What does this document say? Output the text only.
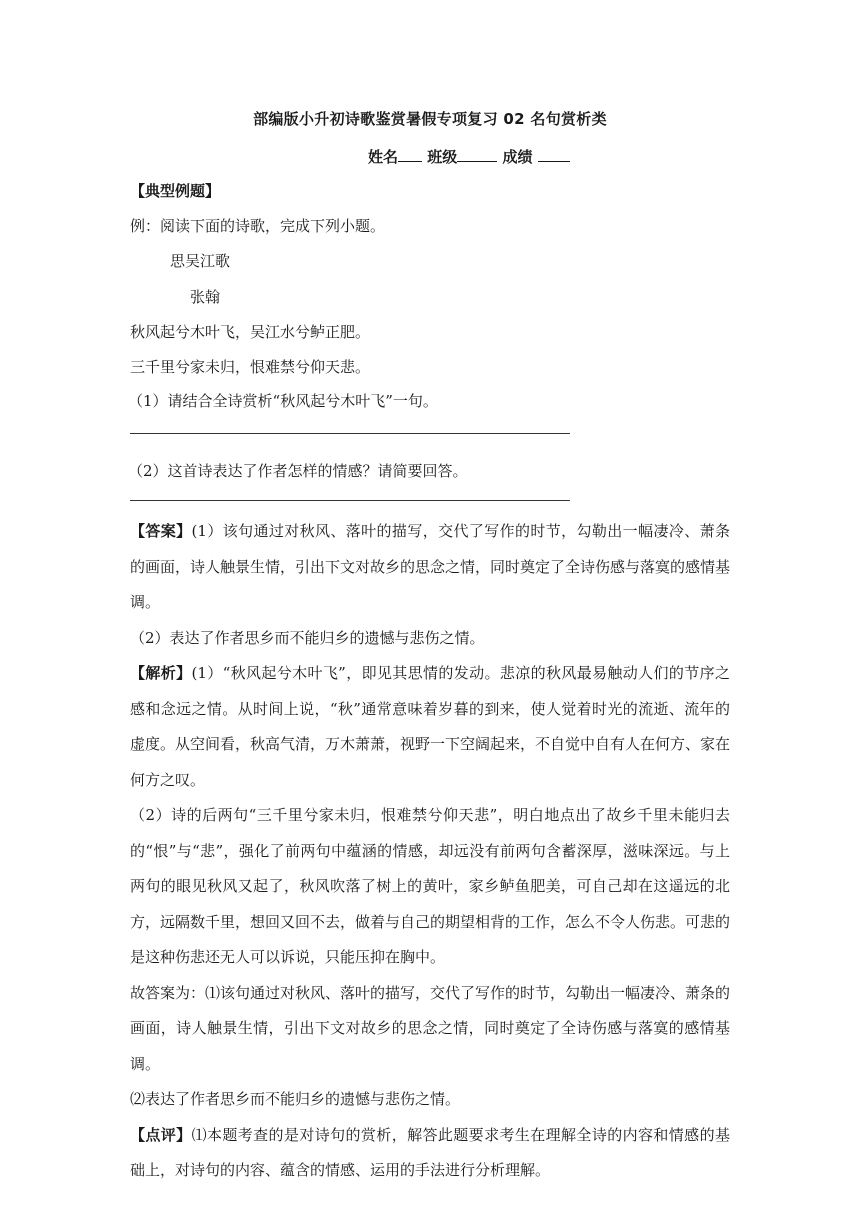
部编版小升初诗歌鉴赏暑假专项复习 02 名句赏析类
姓名 班级	成绩
【典型例题】
例：阅读下面的诗歌，完成下列小题。
思吴江歌
张翰
秋风起兮木叶飞，吴江水兮鲈正肥。
三千里兮家未归，恨难禁兮仰天悲。
（1）请结合全诗赏析“秋风起兮木叶飞”一句。
（2）这首诗表达了作者怎样的情感？请简要回答。
【答案】(1）该句通过对秋风、落叶的描写，交代了写作的时节，勾勒出一幅凄冷、萧条的画面，诗人触景生情，引出下文对故乡的思念之情，同时奠定了全诗伤感与落寞的感情基调。
（2）表达了作者思乡而不能归乡的遗憾与悲伤之情。
【解析】(1）“秋风起兮木叶飞”，即见其思情的发动。悲凉的秋风最易触动人们的节序之感和念远之情。从时间上说，“秋”通常意味着岁暮的到来，使人觉着时光的流逝、流年的虚度。从空间看，秋高气清，万木萧萧，视野一下空阔起来，不自觉中自有人在何方、家在何方之叹。
（2）诗的后两句“三千里兮家未归，恨难禁兮仰天悲”，明白地点出了故乡千里未能归去的“恨”与“悲”，强化了前两句中蕴涵的情感，却远没有前两句含蓄深厚，滋味深远。与上两句的眼见秋风又起了，秋风吹落了树上的黄叶，家乡鲈鱼肥美，可自己却在这遥远的北方，远隔数千里，想回又回不去，做着与自己的期望相背的工作，怎么不令人伤悲。可悲的是这种伤悲还无人可以诉说，只能压抑在胸中。
故答案为：⑴该句通过对秋风、落叶的描写，交代了写作的时节，勾勒出一幅凄冷、萧条的画面，诗人触景生情，引出下文对故乡的思念之情，同时奠定了全诗伤感与落寞的感情基调。
⑵表达了作者思乡而不能归乡的遗憾与悲伤之情。
【点评】⑴本题考查的是对诗句的赏析，解答此题要求考生在理解全诗的内容和情感的基础上，对诗句的内容、蕴含的情感、运用的手法进行分析理解。
